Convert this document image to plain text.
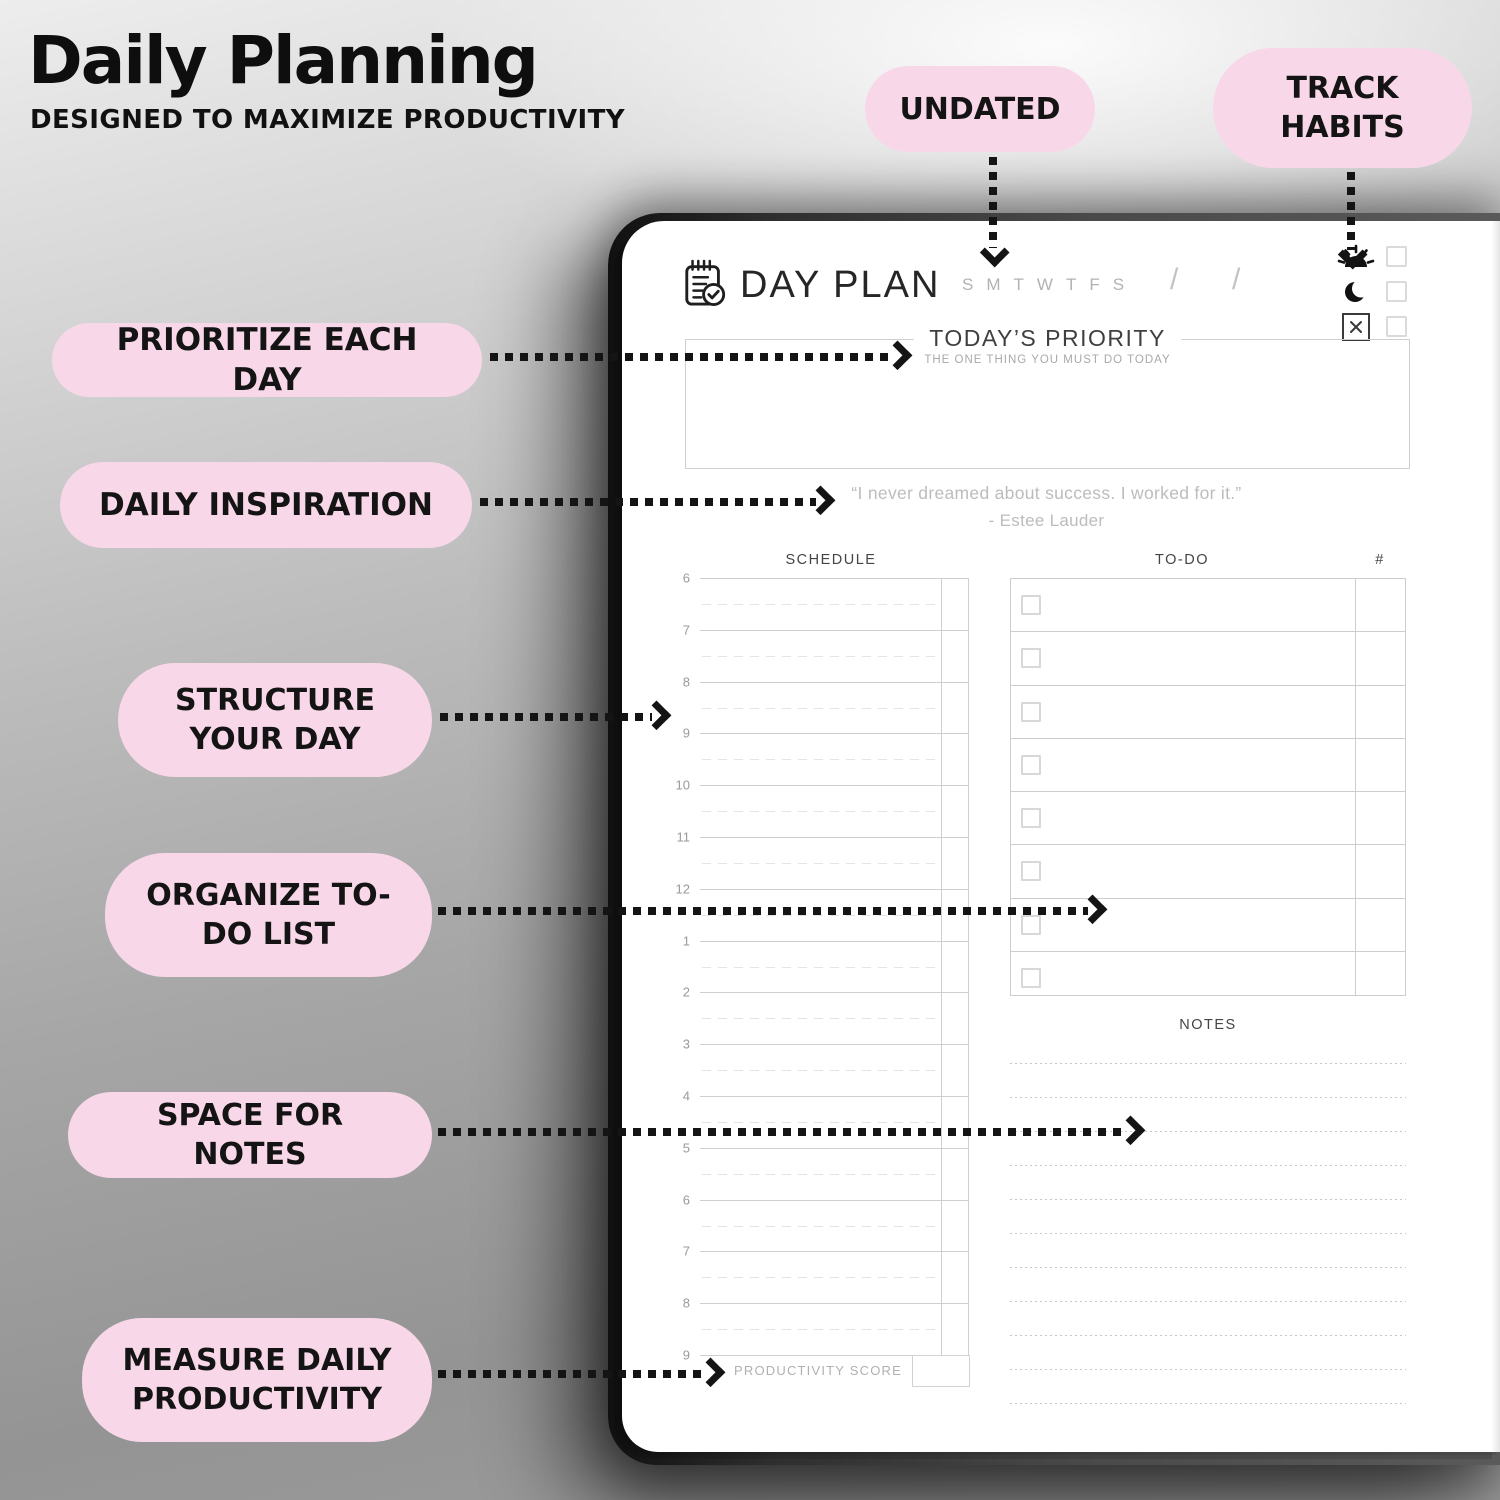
Daily Planning
DESIGNED TO MAXIMIZE PRODUCTIVITY
DAY PLAN S M T W T F S / /
TODAY’S PRIORITY
THE ONE THING YOU MUST DO TODAY
“I never dreamed about success. I worked for it.”
- Estee Lauder
SCHEDULE	TO-DO	#
NOTES
6
7
8
9
10
11
12
1
2
3
4
5
6
7
8
9
PRODUCTIVITY SCORE
UNDATED
TRACK HABITS
PRIORITIZE EACH DAY
DAILY INSPIRATION
STRUCTURE YOUR DAY
ORGANIZE TO-DO LIST
SPACE FOR NOTES
MEASURE DAILY PRODUCTIVITY
